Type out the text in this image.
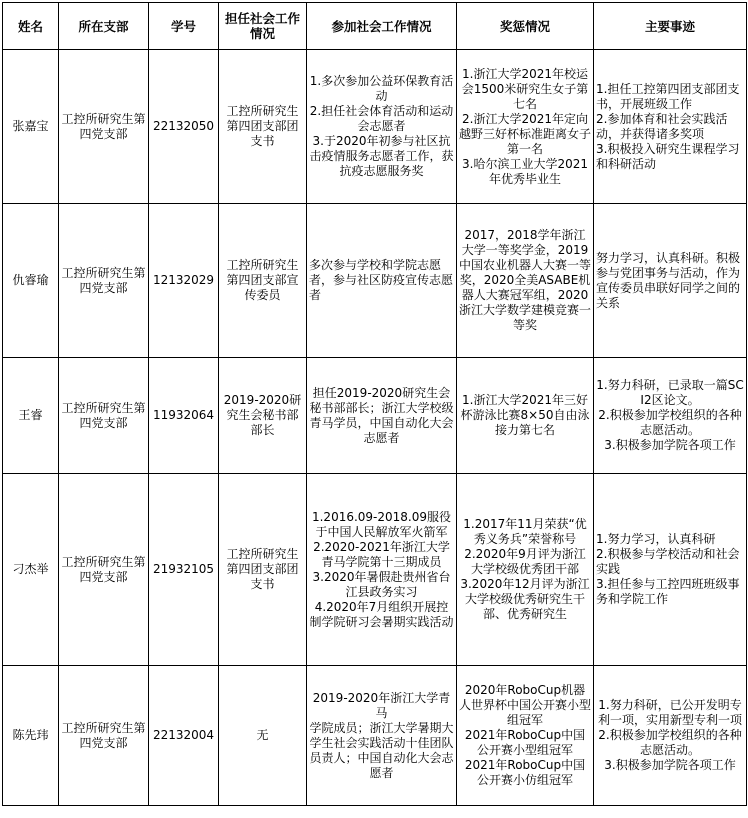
姓名	所在支部	学号	担任社会工作情况	参加社会工作情况	奖惩情况	主要事迹
张嘉宝	工控所研究生第四党支部	22132050	工控所研究生第四团支部团支书	1.多次参加公益环保教育活动
2.担任社会体育活动和运动会志愿者
3.于2020年初参与社区抗击疫情服务志愿者工作，获抗疫志愿服务奖	1.浙江大学2021年校运会1500米研究生女子第七名
2.浙江大学2021年定向越野三好杯标准距离女子第一名
3.哈尔滨工业大学2021年优秀毕业生	1.担任工控第四团支部团支书，开展班级工作
2.参加体育和社会实践活动，并获得诸多奖项
3.积极投入研究生课程学习和科研活动

仇睿瑜	工控所研究生第四党支部	12132029	工控所研究生第四团支部宣传委员	多次参与学校和学院志愿者，参与社区防疫宣传志愿者	2017，2018学年浙江大学一等奖学金，2019中国农业机器人大赛一等奖，2020全美ASABE机器人大赛冠军组，2020浙江大学数学建模竞赛一等奖	努力学习，认真科研。积极参与党团事务与活动，作为宣传委员串联好同学之间的关系

王睿	工控所研究生第四党支部	11932064	2019-2020研究生会秘书部部长	担任2019-2020研究生会秘书部部长；浙江大学校级青马学员，中国自动化大会志愿者	1.浙江大学2021年三好杯游泳比赛8×50自由泳接力第七名	1.努力科研，已录取一篇SCI2区论文。
2.积极参加学校组织的各种志愿活动。
3.积极参加学院各项工作

刁杰举	工控所研究生第四党支部	21932105	工控所研究生第四团支部团支书	1.2016.09-2018.09服役于中国人民解放军火箭军
2.2020-2021年浙江大学青马学院第十三期成员
3.2020年暑假赴贵州省台江县政务实习
4.2020年7月组织开展控制学院研习会暑期实践活动	1.2017年11月荣获“优秀义务兵”荣誉称号
2.2020年9月评为浙江大学校级优秀团干部
3.2020年12月评为浙江大学校级优秀研究生干部、优秀研究生	1.努力学习，认真科研
2.积极参与学校活动和社会实践
3.担任参与工控四班班级事务和学院工作

陈先玮	工控所研究生第四党支部	22132004	无	2019-2020年浙江大学青马
学院成员；浙江大学暑期大学生社会实践活动十佳团队员责人；中国自动化大会志愿者	2020年RoboCup机器人世界杯中国公开赛小型组冠军
2021年RoboCup中国公开赛小型组冠军
2021年RoboCup中国公开赛小仿组冠军	1.努力科研，已公开发明专利一项，实用新型专利一项
2.积极参加学校组织的各种志愿活动。
3.积极参加学院各项工作
